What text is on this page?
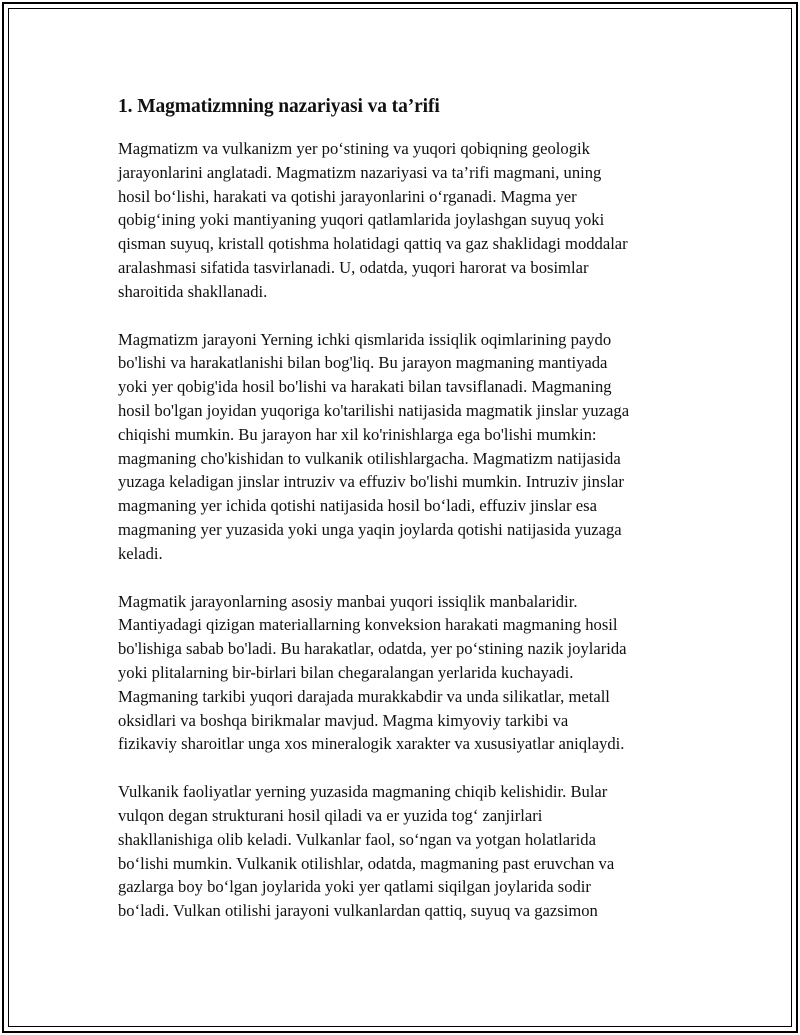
1. Magmatizmning nazariyasi va ta’rifi

Magmatizm va vulkanizm yer po‘stining va yuqori qobiqning geologik
jarayonlarini anglatadi. Magmatizm nazariyasi va ta’rifi magmani, uning
hosil bo‘lishi, harakati va qotishi jarayonlarini o‘rganadi. Magma yer
qobig‘ining yoki mantiyaning yuqori qatlamlarida joylashgan suyuq yoki
qisman suyuq, kristall qotishma holatidagi qattiq va gaz shaklidagi moddalar
aralashmasi sifatida tasvirlanadi. U, odatda, yuqori harorat va bosimlar
sharoitida shakllanadi.

Magmatizm jarayoni Yerning ichki qismlarida issiqlik oqimlarining paydo
bo'lishi va harakatlanishi bilan bog'liq. Bu jarayon magmaning mantiyada
yoki yer qobig'ida hosil bo'lishi va harakati bilan tavsiflanadi. Magmaning
hosil bo'lgan joyidan yuqoriga ko'tarilishi natijasida magmatik jinslar yuzaga
chiqishi mumkin. Bu jarayon har xil ko'rinishlarga ega bo'lishi mumkin:
magmaning cho'kishidan to vulkanik otilishlargacha. Magmatizm natijasida
yuzaga keladigan jinslar intruziv va effuziv bo'lishi mumkin. Intruziv jinslar
magmaning yer ichida qotishi natijasida hosil bo‘ladi, effuziv jinslar esa
magmaning yer yuzasida yoki unga yaqin joylarda qotishi natijasida yuzaga
keladi.

Magmatik jarayonlarning asosiy manbai yuqori issiqlik manbalaridir.
Mantiyadagi qizigan materiallarning konveksion harakati magmaning hosil
bo'lishiga sabab bo'ladi. Bu harakatlar, odatda, yer po‘stining nazik joylarida
yoki plitalarning bir-birlari bilan chegaralangan yerlarida kuchayadi.
Magmaning tarkibi yuqori darajada murakkabdir va unda silikatlar, metall
oksidlari va boshqa birikmalar mavjud. Magma kimyoviy tarkibi va
fizikaviy sharoitlar unga xos mineralogik xarakter va xususiyatlar aniqlaydi.

Vulkanik faoliyatlar yerning yuzasida magmaning chiqib kelishidir. Bular
vulqon degan strukturani hosil qiladi va er yuzida tog‘ zanjirlari
shakllanishiga olib keladi. Vulkanlar faol, so‘ngan va yotgan holatlarida
bo‘lishi mumkin. Vulkanik otilishlar, odatda, magmaning past eruvchan va
gazlarga boy bo‘lgan joylarida yoki yer qatlami siqilgan joylarida sodir
bo‘ladi. Vulkan otilishi jarayoni vulkanlardan qattiq, suyuq va gazsimon
